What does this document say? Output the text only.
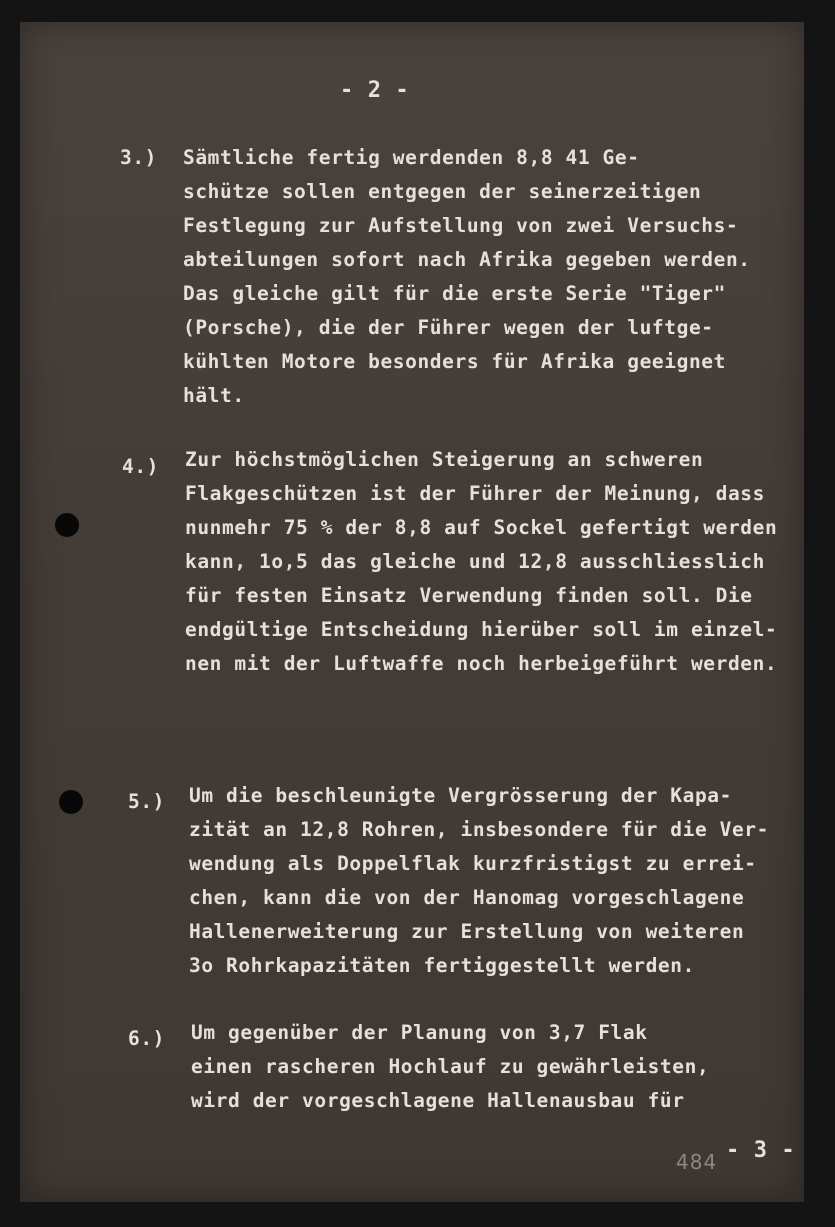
- 2 -
3.) Sämtliche fertig werdenden 8,8 41 Ge-
schütze sollen entgegen der seinerzeitigen
Festlegung zur Aufstellung von zwei Versuchs-
abteilungen sofort nach Afrika gegeben werden.
Das gleiche gilt für die erste Serie "Tiger"
(Porsche), die der Führer wegen der luftge-
kühlten Motore besonders für Afrika geeignet
hält.
4.) Zur höchstmöglichen Steigerung an schweren
Flakgeschützen ist der Führer der Meinung, dass
nunmehr 75 % der 8,8 auf Sockel gefertigt werden
kann, 1o,5 das gleiche und 12,8 ausschliesslich
für festen Einsatz Verwendung finden soll. Die
endgültige Entscheidung hierüber soll im einzel-
nen mit der Luftwaffe noch herbeigeführt werden.
5.) Um die beschleunigte Vergrösserung der Kapa-
zität an 12,8 Rohren, insbesondere für die Ver-
wendung als Doppelflak kurzfristigst zu errei-
chen, kann die von der Hanomag vorgeschlagene
Hallenerweiterung zur Erstellung von weiteren
3o Rohrkapazitäten fertiggestellt werden.
6.) Um gegenüber der Planung von 3,7 Flak
einen rascheren Hochlauf zu gewährleisten,
wird der vorgeschlagene Hallenausbau für
484 - 3 -
